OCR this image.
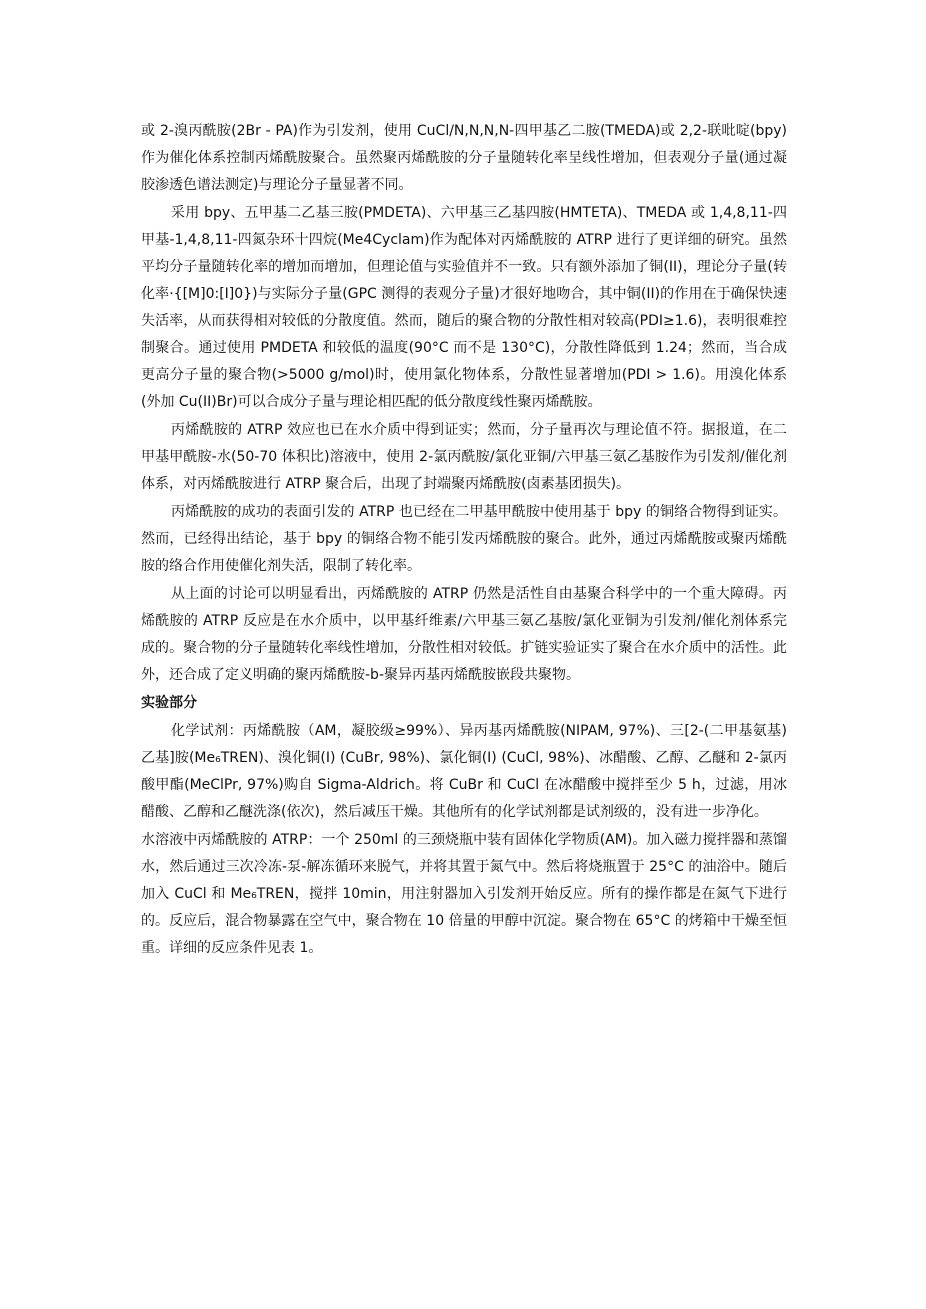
或 2-溴丙酰胺(2Br - PA)作为引发剂，使用 CuCl/N,N,N,N-四甲基乙二胺(TMEDA)或 2,2-联吡啶(bpy)作为催化体系控制丙烯酰胺聚合。虽然聚丙烯酰胺的分子量随转化率呈线性增加，但表观分子量(通过凝胶渗透色谱法测定)与理论分子量显著不同。

采用 bpy、五甲基二乙基三胺(PMDETA)、六甲基三乙基四胺(HMTETA)、TMEDA 或 1,4,8,11-四甲基-1,4,8,11-四氮杂环十四烷(Me4Cyclam)作为配体对丙烯酰胺的 ATRP 进行了更详细的研究。虽然平均分子量随转化率的增加而增加，但理论值与实验值并不一致。只有额外添加了铜(II)，理论分子量(转化率·{[M]0:[I]0})与实际分子量(GPC 测得的表观分子量)才很好地吻合，其中铜(II)的作用在于确保快速失活率，从而获得相对较低的分散度值。然而，随后的聚合物的分散性相对较高(PDI≥1.6)，表明很难控制聚合。通过使用 PMDETA 和较低的温度(90°C 而不是 130°C)，分散性降低到 1.24；然而，当合成更高分子量的聚合物(>5000 g/mol)时，使用氯化物体系，分散性显著增加(PDI > 1.6)。用溴化体系(外加 Cu(II)Br)可以合成分子量与理论相匹配的低分散度线性聚丙烯酰胺。

丙烯酰胺的 ATRP 效应也已在水介质中得到证实；然而，分子量再次与理论值不符。据报道，在二甲基甲酰胺-水(50-70 体积比)溶液中，使用 2-氯丙酰胺/氯化亚铜/六甲基三氨乙基胺作为引发剂/催化剂体系，对丙烯酰胺进行 ATRP 聚合后，出现了封端聚丙烯酰胺(卤素基团损失)。

丙烯酰胺的成功的表面引发的 ATRP 也已经在二甲基甲酰胺中使用基于 bpy 的铜络合物得到证实。然而，已经得出结论，基于 bpy 的铜络合物不能引发丙烯酰胺的聚合。此外，通过丙烯酰胺或聚丙烯酰胺的络合作用使催化剂失活，限制了转化率。

从上面的讨论可以明显看出，丙烯酰胺的 ATRP 仍然是活性自由基聚合科学中的一个重大障碍。丙烯酰胺的 ATRP 反应是在水介质中，以甲基纤维素/六甲基三氨乙基胺/氯化亚铜为引发剂/催化剂体系完成的。聚合物的分子量随转化率线性增加，分散性相对较低。扩链实验证实了聚合在水介质中的活性。此外，还合成了定义明确的聚丙烯酰胺-b-聚异丙基丙烯酰胺嵌段共聚物。

实验部分

化学试剂：丙烯酰胺（AM，凝胶级≥99%）、异丙基丙烯酰胺(NIPAM, 97%)、三[2-(二甲基氨基)乙基]胺(Me₆TREN)、溴化铜(I) (CuBr, 98%)、氯化铜(I) (CuCl, 98%)、冰醋酸、乙醇、乙醚和 2-氯丙酸甲酯(MeClPr, 97%)购自 Sigma-Aldrich。将 CuBr 和 CuCl 在冰醋酸中搅拌至少 5 h，过滤，用冰醋酸、乙醇和乙醚洗涤(依次)，然后减压干燥。其他所有的化学试剂都是试剂级的，没有进一步净化。

水溶液中丙烯酰胺的 ATRP：一个 250ml 的三颈烧瓶中装有固体化学物质(AM)。加入磁力搅拌器和蒸馏水，然后通过三次冷冻-泵-解冻循环来脱气，并将其置于氮气中。然后将烧瓶置于 25°C 的油浴中。随后加入 CuCl 和 Me₆TREN，搅拌 10min，用注射器加入引发剂开始反应。所有的操作都是在氮气下进行的。反应后，混合物暴露在空气中，聚合物在 10 倍量的甲醇中沉淀。聚合物在 65°C 的烤箱中干燥至恒重。详细的反应条件见表 1。
